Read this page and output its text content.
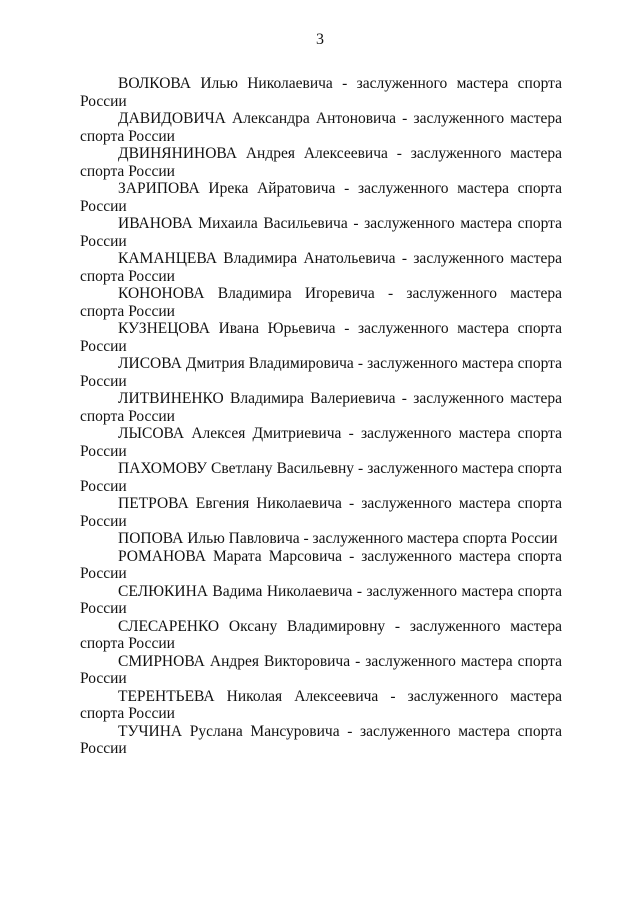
3

ВОЛКОВА Илью Николаевича - заслуженного мастера спорта России

ДАВИДОВИЧА Александра Антоновича - заслуженного мастера спорта России

ДВИНЯНИНОВА Андрея Алексеевича - заслуженного мастера спорта России

ЗАРИПОВА Ирека Айратовича - заслуженного мастера спорта России

ИВАНОВА Михаила Васильевича - заслуженного мастера спорта России

КАМАНЦЕВА Владимира Анатольевича - заслуженного мастера спорта России

КОНОНОВА Владимира Игоревича - заслуженного мастера спорта России

КУЗНЕЦОВА Ивана Юрьевича - заслуженного мастера спорта России

ЛИСОВА Дмитрия Владимировича - заслуженного мастера спорта России

ЛИТВИНЕНКО Владимира Валериевича - заслуженного мастера спорта России

ЛЫСОВА Алексея Дмитриевича - заслуженного мастера спорта России

ПАХОМОВУ Светлану Васильевну - заслуженного мастера спорта России

ПЕТРОВА Евгения Николаевича - заслуженного мастера спорта России

ПОПОВА Илью Павловича - заслуженного мастера спорта России

РОМАНОВА Марата Марсовича - заслуженного мастера спорта России

СЕЛЮКИНА Вадима Николаевича - заслуженного мастера спорта России

СЛЕСАРЕНКО Оксану Владимировну - заслуженного мастера спорта России

СМИРНОВА Андрея Викторовича - заслуженного мастера спорта России

ТЕРЕНТЬЕВА Николая Алексеевича - заслуженного мастера спорта России

ТУЧИНА Руслана Мансуровича - заслуженного мастера спорта России
